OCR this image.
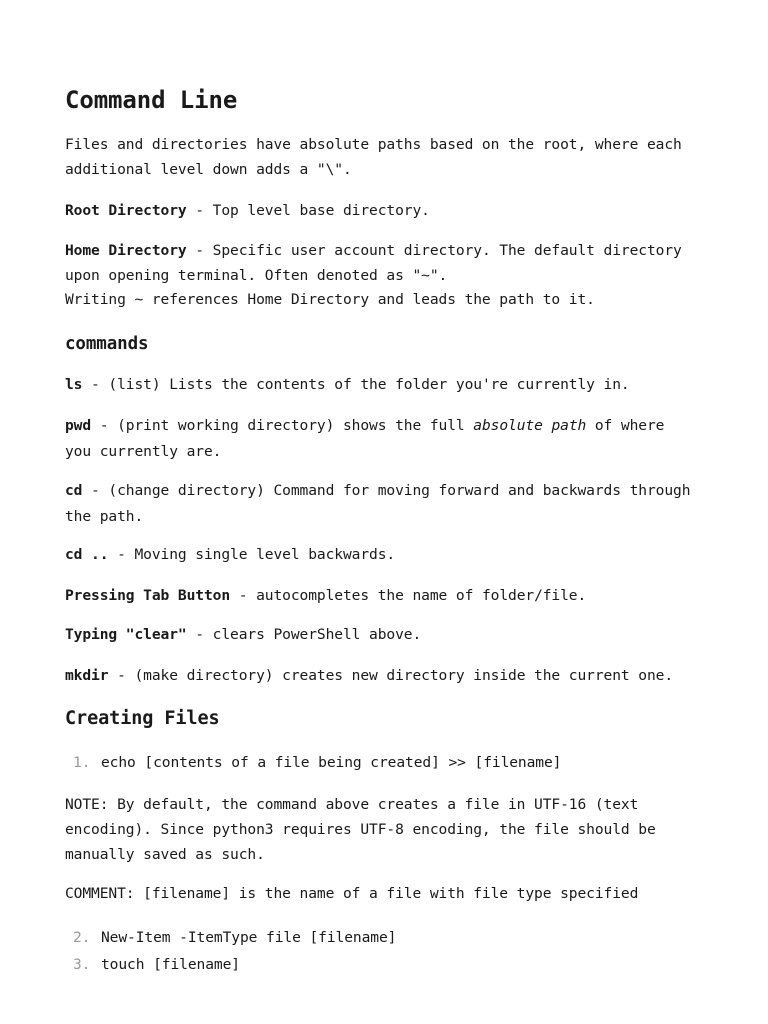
Command Line

Files and directories have absolute paths based on the root, where each
additional level down adds a "\".

Root Directory - Top level base directory.

Home Directory - Specific user account directory. The default directory
upon opening terminal. Often denoted as "~".
Writing ~ references Home Directory and leads the path to it.

commands

ls - (list) Lists the contents of the folder you're currently in.

pwd - (print working directory) shows the full absolute path of where
you currently are.

cd - (change directory) Command for moving forward and backwards through
the path.

cd .. - Moving single level backwards.

Pressing Tab Button - autocompletes the name of folder/file.

Typing "clear" - clears PowerShell above.

mkdir - (make directory) creates new directory inside the current one.

Creating Files
1. echo [contents of a file being created] >> [filename]

NOTE: By default, the command above creates a file in UTF-16 (text
encoding). Since python3 requires UTF-8 encoding, the file should be
manually saved as such.

COMMENT: [filename] is the name of a file with file type specified

2. New-Item -ItemType file [filename]
3. touch [filename]
